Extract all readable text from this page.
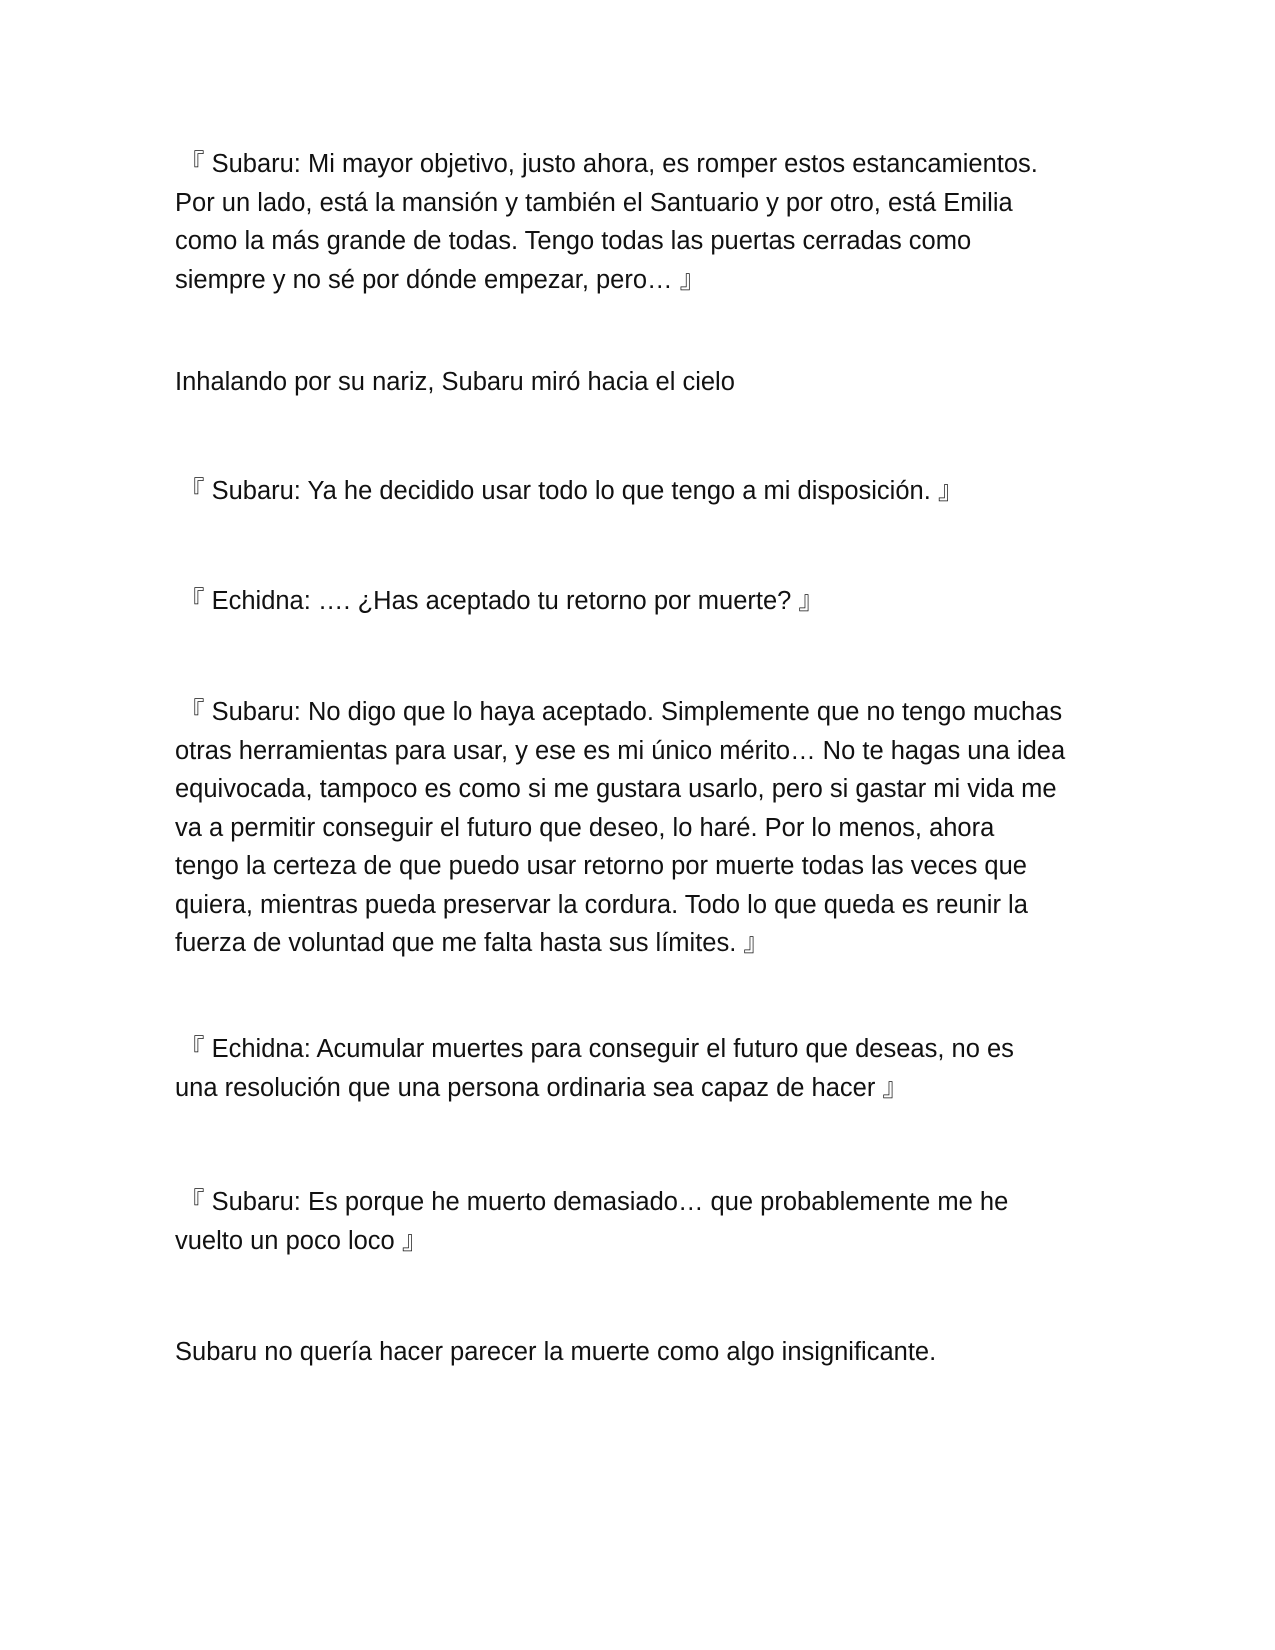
『 Subaru: Mi mayor objetivo, justo ahora, es romper estos estancamientos.
Por un lado, está la mansión y también el Santuario y por otro, está Emilia
como la más grande de todas. Tengo todas las puertas cerradas como
siempre y no sé por dónde empezar, pero… 』

Inhalando por su nariz, Subaru miró hacia el cielo

『 Subaru: Ya he decidido usar todo lo que tengo a mi disposición. 』

『 Echidna: …. ¿Has aceptado tu retorno por muerte? 』

『 Subaru: No digo que lo haya aceptado. Simplemente que no tengo muchas
otras herramientas para usar, y ese es mi único mérito… No te hagas una idea
equivocada, tampoco es como si me gustara usarlo, pero si gastar mi vida me
va a permitir conseguir el futuro que deseo, lo haré. Por lo menos, ahora
tengo la certeza de que puedo usar retorno por muerte todas las veces que
quiera, mientras pueda preservar la cordura. Todo lo que queda es reunir la
fuerza de voluntad que me falta hasta sus límites. 』

『 Echidna: Acumular muertes para conseguir el futuro que deseas, no es
una resolución que una persona ordinaria sea capaz de hacer 』

『 Subaru: Es porque he muerto demasiado… que probablemente me he
vuelto un poco loco 』

Subaru no quería hacer parecer la muerte como algo insignificante.
